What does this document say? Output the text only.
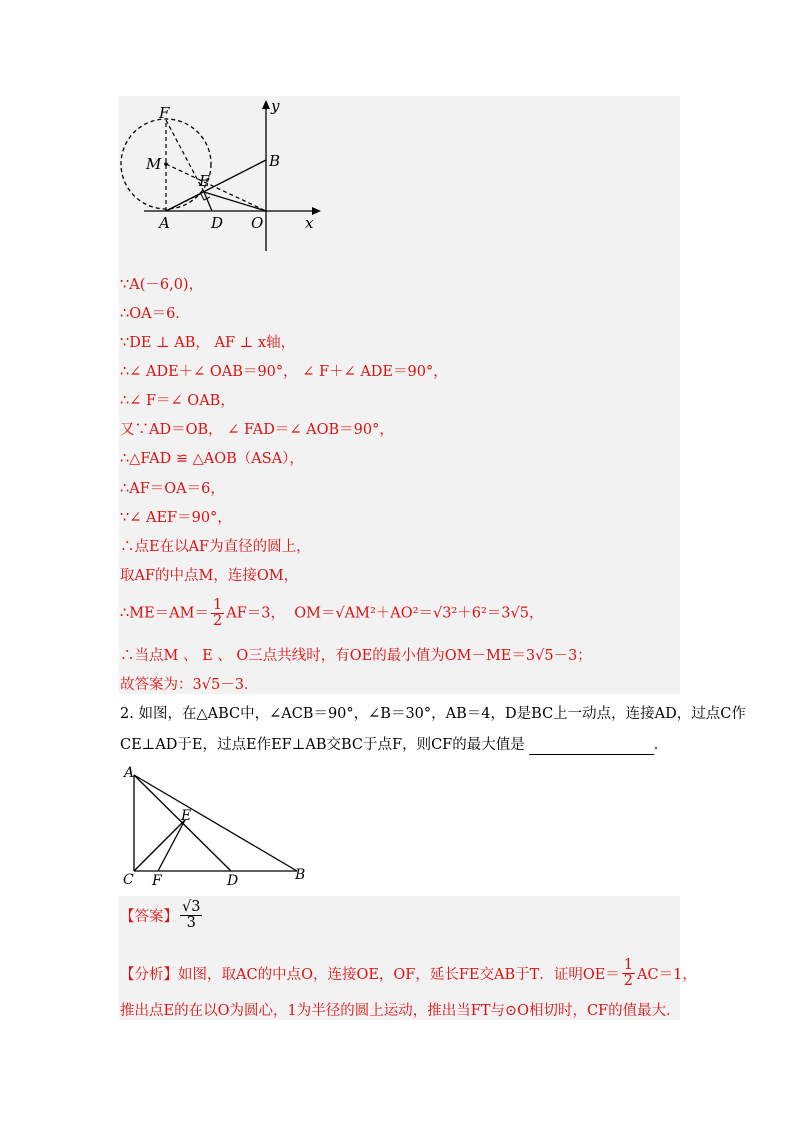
F
M
E
B
A	D O	x
y
∵A(－6,0)，
∴OA＝6．
∵DE ⊥ AB， AF ⊥ x轴，
∴∠ ADE＋∠ OAB＝90°， ∠ F＋∠ ADE＝90°，
∴∠ F＝∠ OAB，
又∵AD＝OB， ∠ FAD＝∠ AOB＝90°，
∴△FAD ≌ △AOB（ASA），
∴AF＝OA＝6，
∵∠ AEF＝90°，
∴点E在以AF为直径的圆上，
取AF的中点M，连接OM，
∴ME＝AM＝ $\frac{1}{2} AF=3$， OM＝√AM²＋AO²＝√3²＋6²＝3√5，
∴当点M 、 E 、 O三点共线时，有OE的最小值为OM－ME＝3√5－3；
故答案为：3√5－3．
2. 如图，在△ABC中，∠ACB＝90°，∠B＝30°，AB＝4，D是BC上一动点，连接AD，过点C作
CE⊥AD于E，过点E作EF⊥AB交BC于点F，则CF的最大值是	．
A
E
C F	D	B
【答案】 $\frac{√3}{3}$
【分析】如图，取AC的中点O，连接OE，OF，延长FE交AB于T．证明$OE= \frac{1}{2} AC=1$，
推出点E的在以O为圆心，1为半径的圆上运动，推出当FT与⊙O相切时，CF的值最大．
